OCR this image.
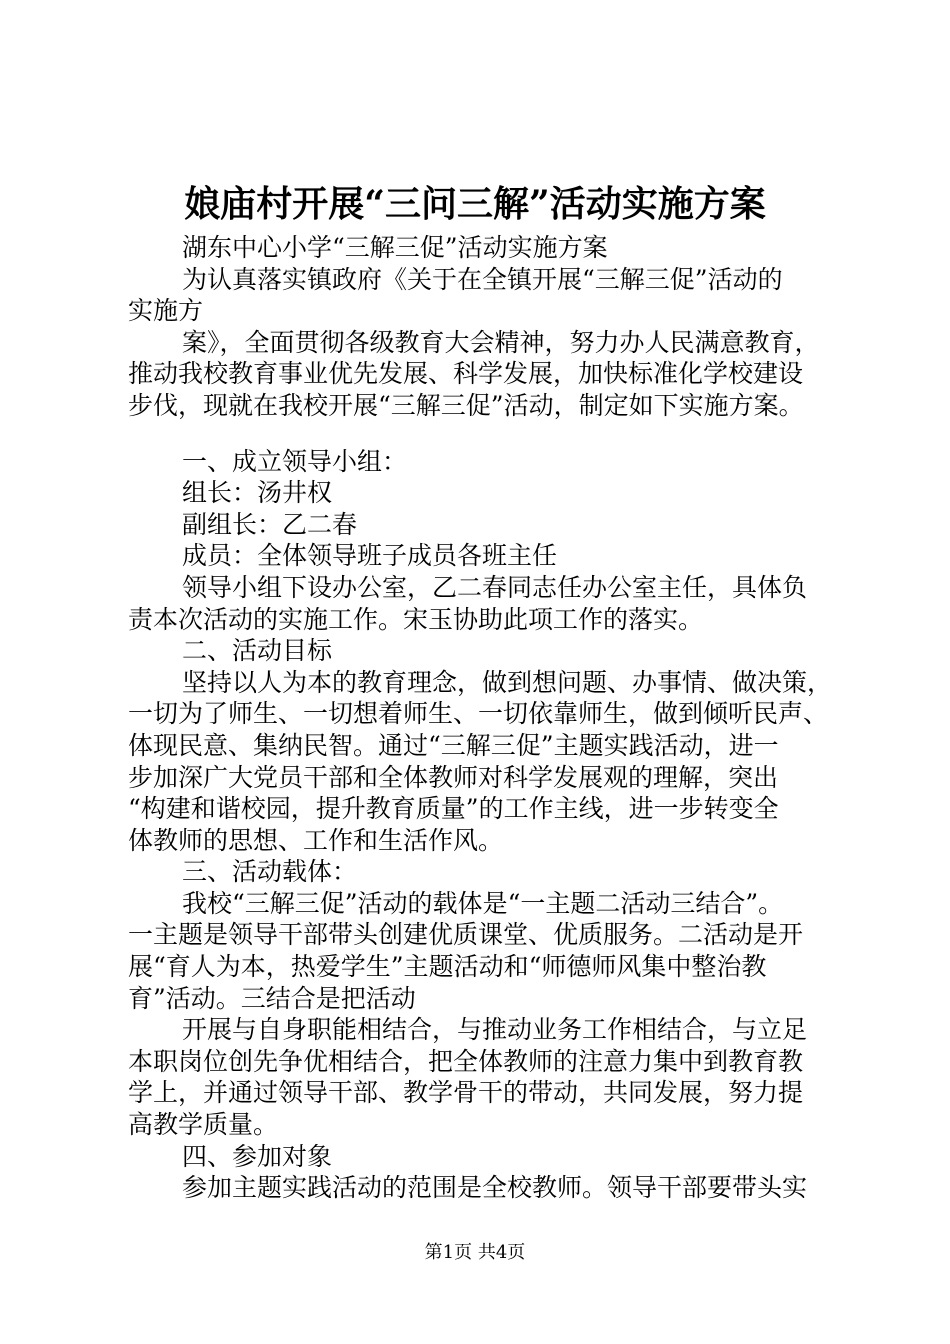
娘庙村开展“三问三解”活动实施方案
湖东中心小学“三解三促”活动实施方案
为认真落实镇政府《关于在全镇开展“三解三促”活动的
实施方
案》，全面贯彻各级教育大会精神，努力办人民满意教育，
推动我校教育事业优先发展、科学发展，加快标准化学校建设
步伐，现就在我校开展“三解三促”活动，制定如下实施方案。
一、成立领导小组：
组长：汤井权
副组长：乙二春
成员：全体领导班子成员各班主任
领导小组下设办公室，乙二春同志任办公室主任，具体负
责本次活动的实施工作。宋玉协助此项工作的落实。
二、活动目标
坚持以人为本的教育理念，做到想问题、办事情、做决策，
一切为了师生、一切想着师生、一切依靠师生，做到倾听民声、
体现民意、集纳民智。通过“三解三促”主题实践活动，进一
步加深广大党员干部和全体教师对科学发展观的理解，突出
“构建和谐校园，提升教育质量”的工作主线，进一步转变全
体教师的思想、工作和生活作风。
三、活动载体：
我校“三解三促”活动的载体是“一主题二活动三结合”。
一主题是领导干部带头创建优质课堂、优质服务。二活动是开
展“育人为本，热爱学生”主题活动和“师德师风集中整治教
育”活动。三结合是把活动
开展与自身职能相结合，与推动业务工作相结合，与立足
本职岗位创先争优相结合，把全体教师的注意力集中到教育教
学上，并通过领导干部、教学骨干的带动，共同发展，努力提
高教学质量。
四、参加对象
参加主题实践活动的范围是全校教师。领导干部要带头实
第1页 共4页
